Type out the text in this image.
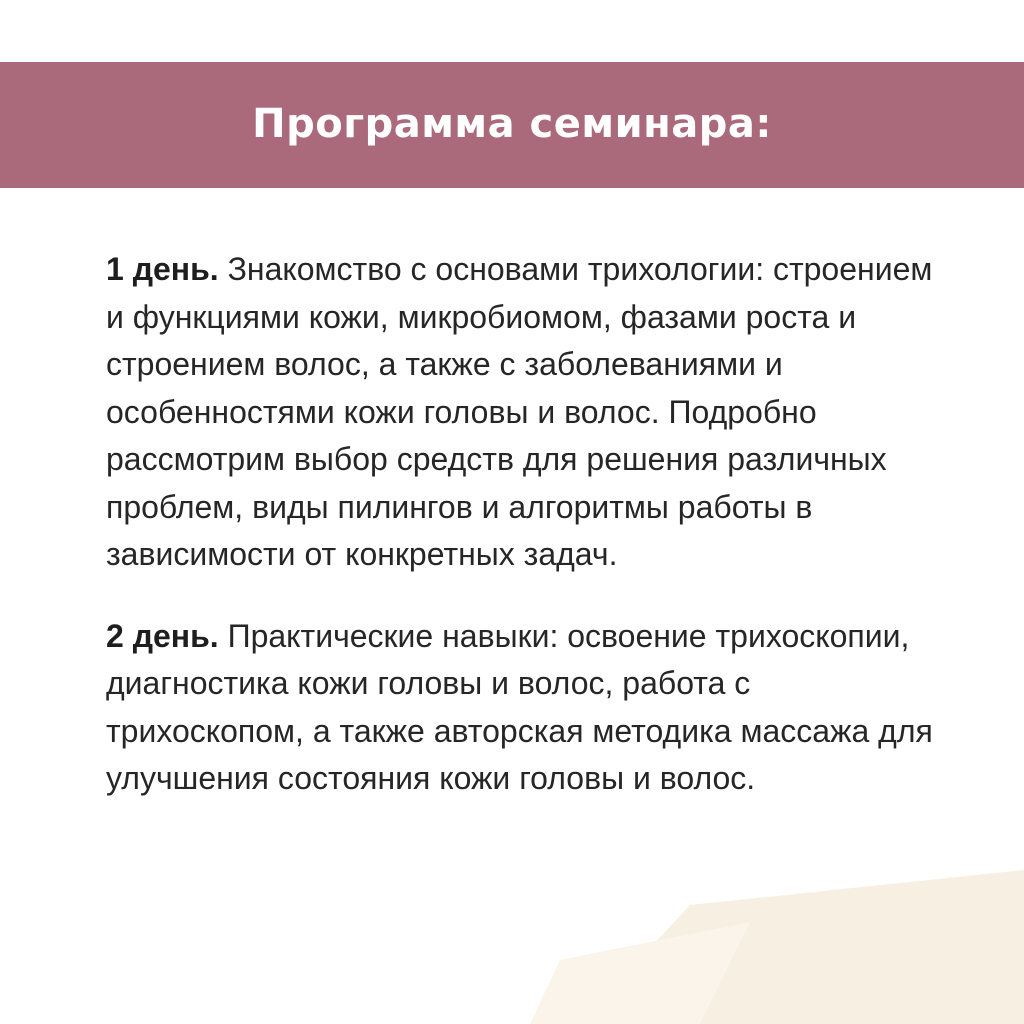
Программа семинара:

1 день. Знакомство с основами трихологии: строением и функциями кожи, микробиомом, фазами роста и строением волос, а также с заболеваниями и особенностями кожи головы и волос. Подробно рассмотрим выбор средств для решения различных проблем, виды пилингов и алгоритмы работы в зависимости от конкретных задач.

2 день. Практические навыки: освоение трихоскопии, диагностика кожи головы и волос, работа с трихоскопом, а также авторская методика массажа для улучшения состояния кожи головы и волос.
